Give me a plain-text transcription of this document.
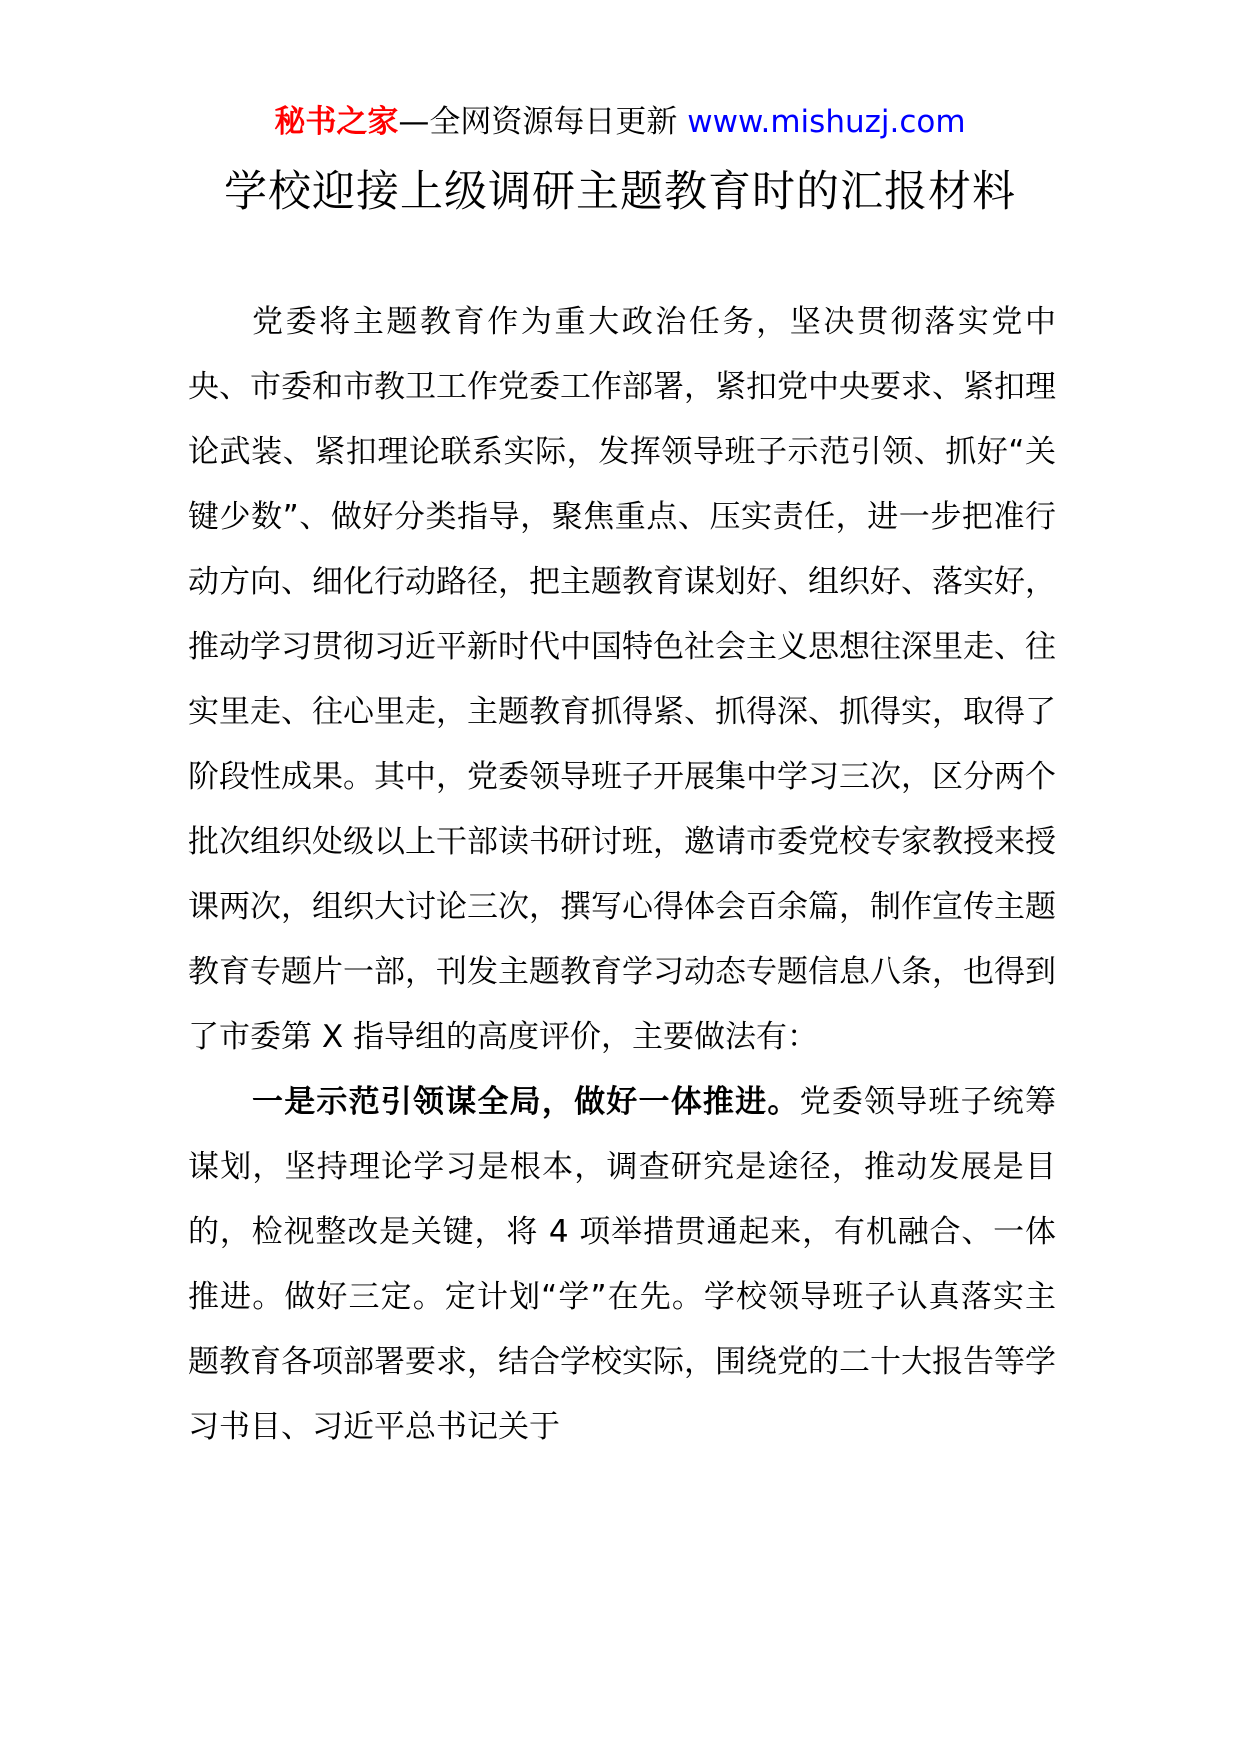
秘书之家—全网资源每日更新 www.mishuzj.com
学校迎接上级调研主题教育时的汇报材料

党委将主题教育作为重大政治任务，坚决贯彻落实党中央、市委和市教卫工作党委工作部署，紧扣党中央要求、紧扣理论武装、紧扣理论联系实际，发挥领导班子示范引领、抓好“关键少数”、做好分类指导，聚焦重点、压实责任，进一步把准行动方向、细化行动路径，把主题教育谋划好、组织好、落实好，推动学习贯彻习近平新时代中国特色社会主义思想往深里走、往实里走、往心里走，主题教育抓得紧、抓得深、抓得实，取得了阶段性成果。其中，党委领导班子开展集中学习三次，区分两个批次组织处级以上干部读书研讨班，邀请市委党校专家教授来授课两次，组织大讨论三次，撰写心得体会百余篇，制作宣传主题教育专题片一部，刊发主题教育学习动态专题信息八条，也得到了市委第 X 指导组的高度评价，主要做法有：

一是示范引领谋全局，做好一体推进。党委领导班子统筹谋划，坚持理论学习是根本，调查研究是途径，推动发展是目的，检视整改是关键，将 4 项举措贯通起来，有机融合、一体推进。做好三定。定计划“学”在先。学校领导班子认真落实主题教育各项部署要求，结合学校实际，围绕党的二十大报告等学习书目、习近平总书记关于
